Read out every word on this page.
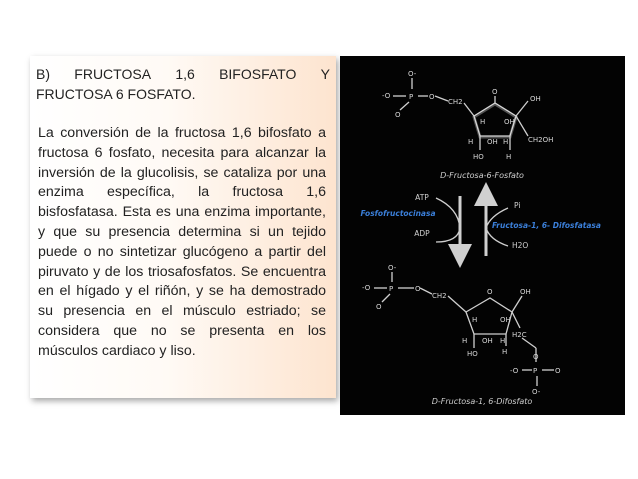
B) FRUCTOSA 1,6 BIFOSFATO Y
FRUCTOSA 6 FOSFATO.
La conversión de la fructosa 1,6 bifosfato a fructosa 6 fosfato, necesita para alcanzar la inversión de la glucolisis, se cataliza por una enzima específica, la fructosa 1,6 bisfosfatasa. Esta es una enzima importante, y que su presencia determina si un tejido puede o no sintetizar glucógeno a partir del piruvato y de los triosafosfatos. Se encuentra en el hígado y el riñón, y se ha demostrado su presencia en el músculo estriado; se considera que no se presenta en los músculos cardiaco y liso.
O-
-O	P
O
O
CH2
O
OH
H	OH
OH H
H
HO	H
CH2OH
D-Fructosa-6-Fosfato
ATP
Fosfofructocinasa
ADP
Pi
Fructosa-1, 6- Difosfatasa
H2O
O-
-O	P
O
O
CH2	O	OH
H	OH
OH H
H
HO	H
H2C
O
P
-O	O
O-
D-Fructosa-1, 6-Difosfato
